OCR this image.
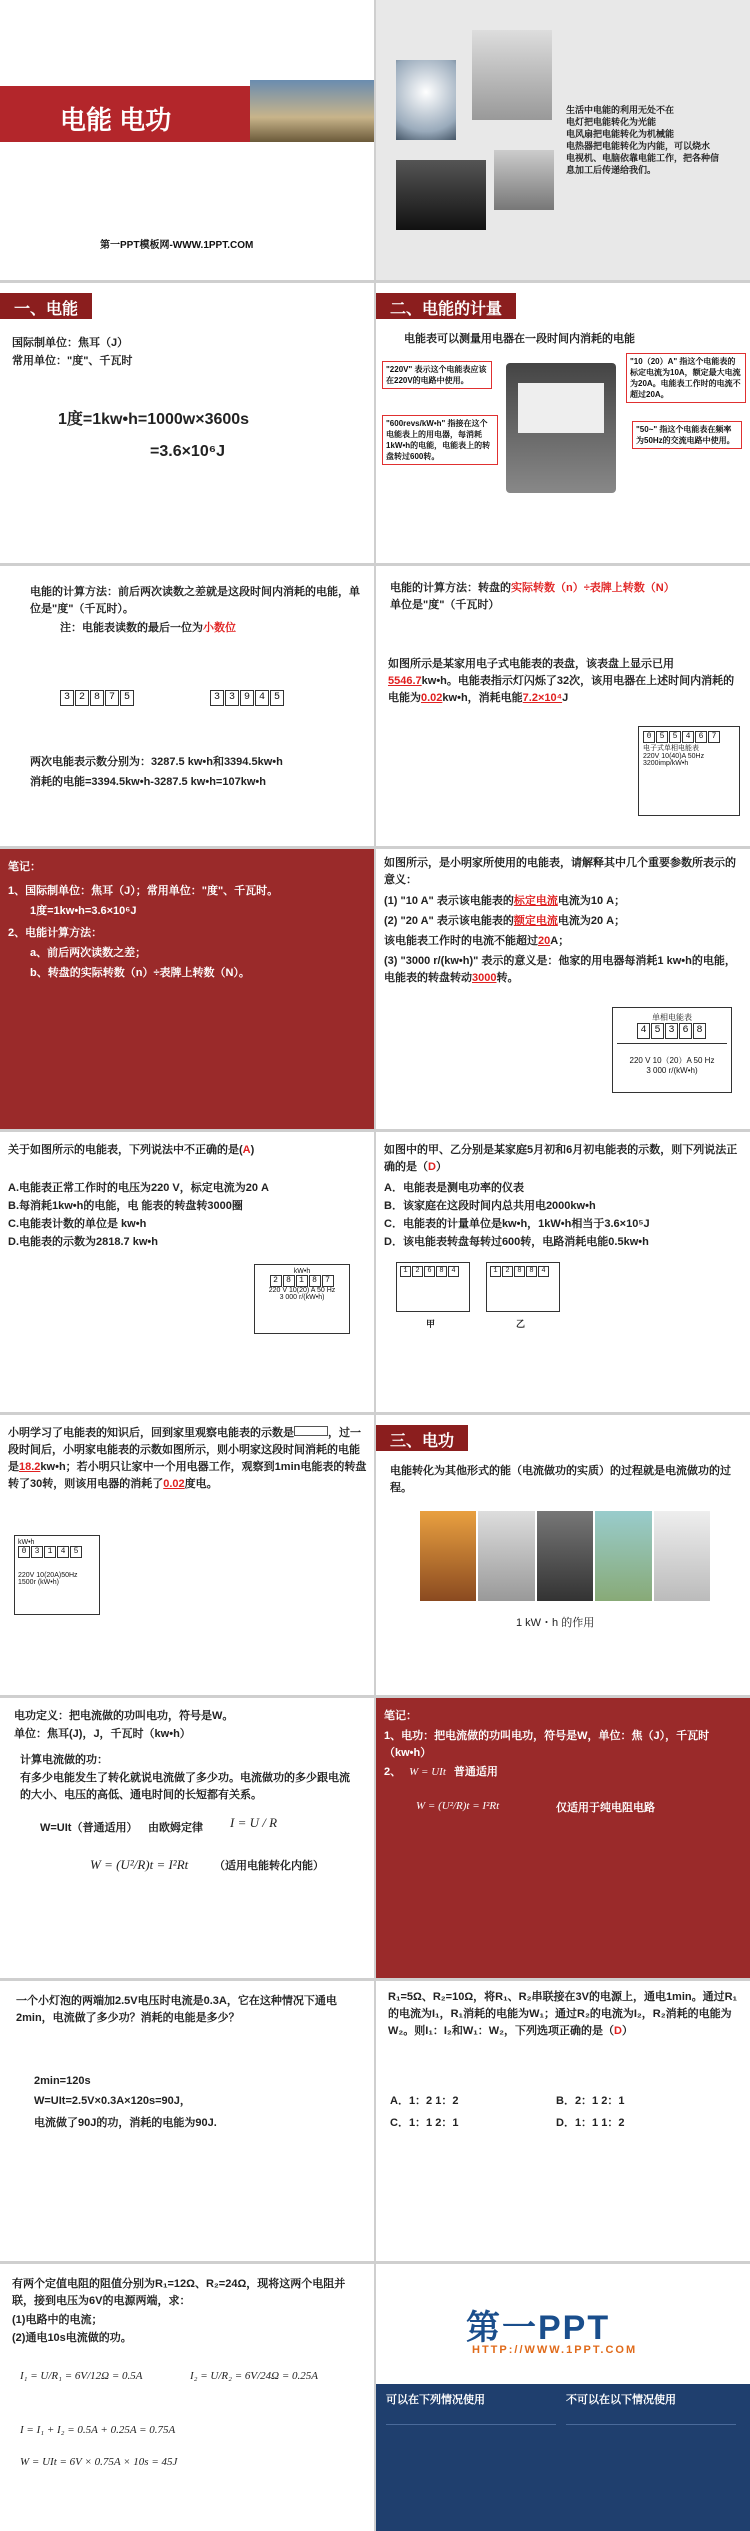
电能 电功
第一PPT模板网-WWW.1PPT.COM
生活中电能的利用无处不在
电灯把电能转化为光能
电风扇把电能转化为机械能
电热器把电能转化为内能，可以烧水
电视机、电脑依靠电能工作，把各种信
息加工后传递给我们。
一、电能
国际制单位：焦耳（J）
常用单位："度"、千瓦时
1度=1kw•h=1000w×3600s
=3.6×10⁶J
二、电能的计量
电能表可以测量用电器在一段时间内消耗的电能
"220V" 表示这个电能表应该在220V的电路中使用。
"600revs/kW•h" 指接在这个电能表上的用电器，每消耗1kW•h的电能，电能表上的转盘转过600转。
"10（20）A" 指这个电能表的标定电流为10A，额定最大电流为20A。电能表工作时的电流不超过20A。
"50~" 指这个电能表在频率为50Hz的交流电路中使用。
电能的计算方法：前后两次读数之差就是这段时间内消耗的电能，单位是"度"（千瓦时）。
注：电能表读数的最后一位为小数位
3 2 8 7 5	3 3 9 4 5
两次电能表示数分别为：3287.5 kw•h和3394.5kw•h
消耗的电能=3394.5kw•h-3287.5 kw•h=107kw•h
电能的计算方法：转盘的实际转数（n）÷表牌上转数（N）
单位是"度"（千瓦时）
如图所示是某家用电子式电能表的表盘，该表盘上显示已用5546.7kw•h。电能表指示灯闪烁了32次，该用电器在上述时间内消耗的电能为0.02kw•h，消耗电能7.2×10⁴J
0 5 5 4 6 7
电子式单相电能表
220V 10(40)A 50Hz
3200imp/kW•h
笔记：
1、国际制单位：焦耳（J）；常用单位："度"、千瓦时。
1度=1kw•h=3.6×10⁶J
2、电能计算方法：
a、前后两次读数之差；
b、转盘的实际转数（n）÷表牌上转数（N）。
如图所示，是小明家所使用的电能表，请解释其中几个重要参数所表示的意义：
(1) "10 A" 表示该电能表的标定电流电流为10 A；
(2) "20 A" 表示该电能表的额定电流电流为20 A；
该电能表工作时的电流不能超过20A；
(3) "3000 r/(kw•h)" 表示的意义是：他家的用电器每消耗1 kw•h的电能，电能表的转盘转动3000转。
单相电能表
4 5 3 6 8
220 V 10（20）A 50 Hz
3 000 r/(kW•h)
关于如图所示的电能表，下列说法中不正确的是(A)
A.电能表正常工作时的电压为220 V，标定电流为20 A
B.每消耗1kw•h的电能，电 能表的转盘转3000圈
C.电能表计数的单位是 kw•h
D.电能表的示数为2818.7 kw•h
kW•h
2 8 1 8 7
220 V 10(20) A 50 Hz
3 000 r/(kW•h)
如图中的甲、乙分别是某家庭5月初和6月初电能表的示数，则下列说法正确的是（D）
A．电能表是测电功率的仪表
B．该家庭在这段时间内总共用电2000kw•h
C．电能表的计量单位是kw•h，1kW•h相当于3.6×10⁵J
D．该电能表转盘每转过600转，电路消耗电能0.5kw•h
1 2 6 8 4	1 2 8 8 4
甲	乙
小明学习了电能表的知识后，回到家里观察电能表的示数是	，过一段时间后，小明家电能表的示数如图所示，则小明家这段时间消耗的电能是18.2kw•h；若小明只让家中一个用电器工作，观察到1min电能表的转盘转了30转，则该用电器的消耗了0.02度电。
kW•h
0 3 1 4 5
220V 10(20A)50Hz
1500r (kW•h)
三、电功
电能转化为其他形式的能（电流做功的实质）的过程就是电流做功的过程。
1 kW・h 的作用
电功定义：把电流做的功叫电功，符号是W。
单位：焦耳(J)，J，千瓦时（kw•h）
计算电流做的功：
有多少电能发生了转化就说电流做了多少功。电流做功的多少跟电流的大小、电压的高低、通电时间的长短都有关系。
W=UIt（普通适用） 由欧姆定律 I = U / R
W = (U²/R)t = I²Rt （适用电能转化内能）
笔记：
1、电功：把电流做的功叫电功，符号是W，单位：焦（J），千瓦时（kw•h）
2、 W = UIt 普通适用
W = (U²/R)t = I²Rt	仅适用于纯电阻电路
一个小灯泡的两端加2.5V电压时电流是0.3A，它在这种情况下通电2min，电流做了多少功？消耗的电能是多少？
2min=120s
W=UIt=2.5V×0.3A×120s=90J，
电流做了90J的功，消耗的电能为90J.
R₁=5Ω、R₂=10Ω，将R₁、R₂串联接在3V的电源上，通电1min。通过R₁的电流为I₁，R₁消耗的电能为W₁；通过R₂的电流为I₂，R₂消耗的电能为W₂。则I₁：I₂和W₁：W₂，下列选项正确的是（D）
A．1：2 1：2	B．2：1 2：1
C．1：1 2：1	D．1：1 1：2
有两个定值电阻的阻值分别为R₁=12Ω、R₂=24Ω，现将这两个电阻并联，接到电压为6V的电源两端，求：
(1)电路中的电流；
(2)通电10s电流做的功。
I₁ = U/R₁ = 6V/12Ω = 0.5A	I₂ = U/R₂ = 6V/24Ω = 0.25A
I = I₁ + I₂ = 0.5A + 0.25A = 0.75A
W = UIt = 6V × 0.75A × 10s = 45J
第一PPT
HTTP://WWW.1PPT.COM
可以在下列情况使用	不可以在以下情况使用
